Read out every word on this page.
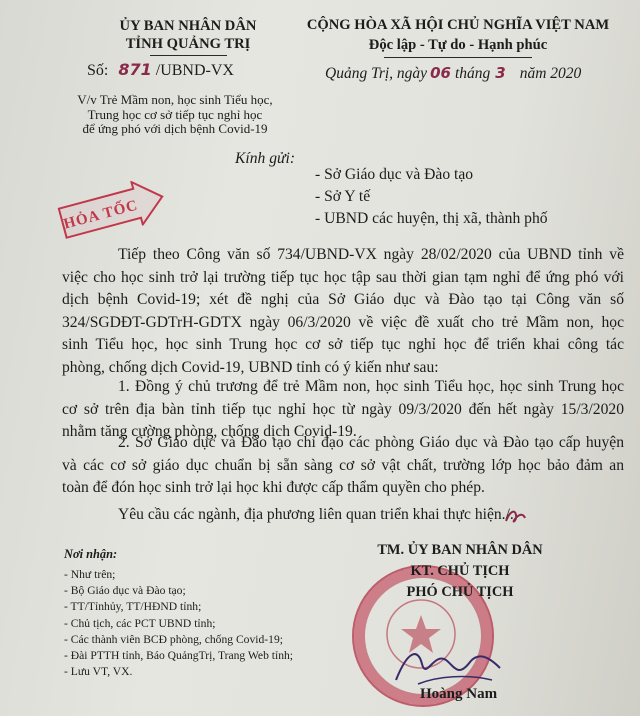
ỦY BAN NHÂN DÂN
TỈNH QUẢNG TRỊ
CỘNG HÒA XÃ HỘI CHỦ NGHĨA VIỆT NAM
Độc lập - Tự do - Hạnh phúc
Số: 871 /UBND-VX	Quảng Trị, ngày 06 tháng 3 năm 2020
V/v Trẻ Mầm non, học sinh Tiểu học,
Trung học cơ sở tiếp tục nghỉ học
để ứng phó với dịch bệnh Covid-19
HỎA TỐC
Kính gửi:
- Sở Giáo dục và Đào tạo
- Sở Y tế
- UBND các huyện, thị xã, thành phố
Tiếp theo Công văn số 734/UBND-VX ngày 28/02/2020 của UBND tỉnh về
việc cho học sinh trở lại trường tiếp tục học tập sau thời gian tạm nghỉ để ứng phó với
dịch bệnh Covid-19; xét đề nghị của Sở Giáo dục và Đào tạo tại Công văn số
324/SGDĐT-GDTrH-GDTX ngày 06/3/2020 về việc đề xuất cho trẻ Mầm non, học
sinh Tiểu học, học sinh Trung học cơ sở tiếp tục nghỉ học để triển khai công tác
phòng, chống dịch Covid-19, UBND tỉnh có ý kiến như sau:
1. Đồng ý chủ trương để trẻ Mầm non, học sinh Tiểu học, học sinh Trung học
cơ sở trên địa bàn tỉnh tiếp tục nghỉ học từ ngày 09/3/2020 đến hết ngày 15/3/2020
nhằm tăng cường phòng, chống dịch Covid-19.
2. Sở Giáo dục và Đào tạo chỉ đạo các phòng Giáo dục và Đào tạo cấp huyện
và các cơ sở giáo dục chuẩn bị sẵn sàng cơ sở vật chất, trường lớp học bảo đảm an
toàn để đón học sinh trở lại học khi được cấp thẩm quyền cho phép.
Yêu cầu các ngành, địa phương liên quan triển khai thực hiện./.
Nơi nhận:
- Như trên;
- Bộ Giáo dục và Đào tạo;
- TT/Tỉnhủy, TT/HĐND tỉnh;
- Chủ tịch, các PCT UBND tỉnh;
- Các thành viên BCĐ phòng, chống Covid-19;
- Đài PTTH tỉnh, Báo QuảngTrị, Trang Web tỉnh;
- Lưu VT, VX.
TM. ỦY BAN NHÂN DÂN
KT. CHỦ TỊCH
PHÓ CHỦ TỊCH
Hoàng Nam
